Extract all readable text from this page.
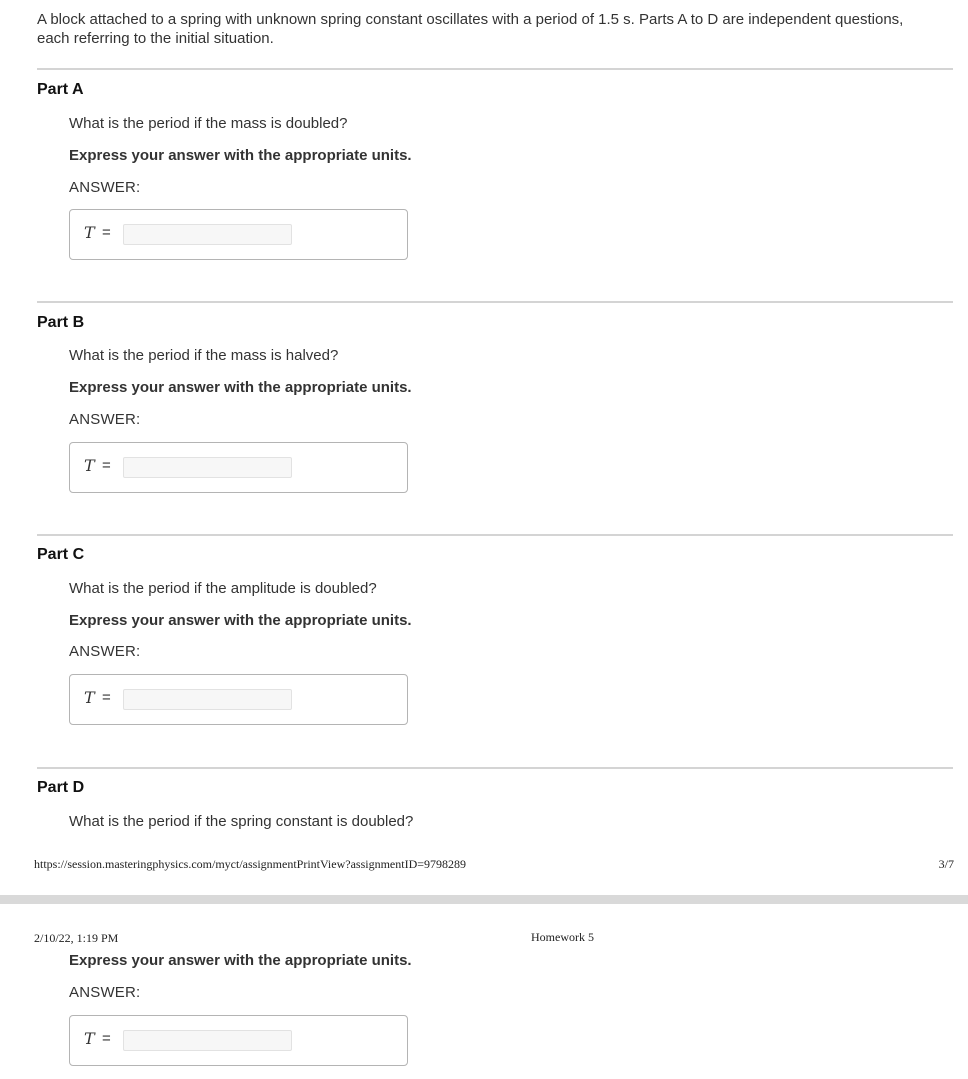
A block attached to a spring with unknown spring constant oscillates with a period of 1.5 s. Parts A to D are independent questions, each referring to the initial situation.
Part A
What is the period if the mass is doubled?
Express your answer with the appropriate units.
ANSWER:
T =
Part B
What is the period if the mass is halved?
Express your answer with the appropriate units.
ANSWER:
T =
Part C
What is the period if the amplitude is doubled?
Express your answer with the appropriate units.
ANSWER:
T =
Part D
What is the period if the spring constant is doubled?
https://session.masteringphysics.com/myct/assignmentPrintView?assignmentID=9798289	3/7
2/10/22, 1:19 PM	Homework 5
Express your answer with the appropriate units.
ANSWER:
T =
